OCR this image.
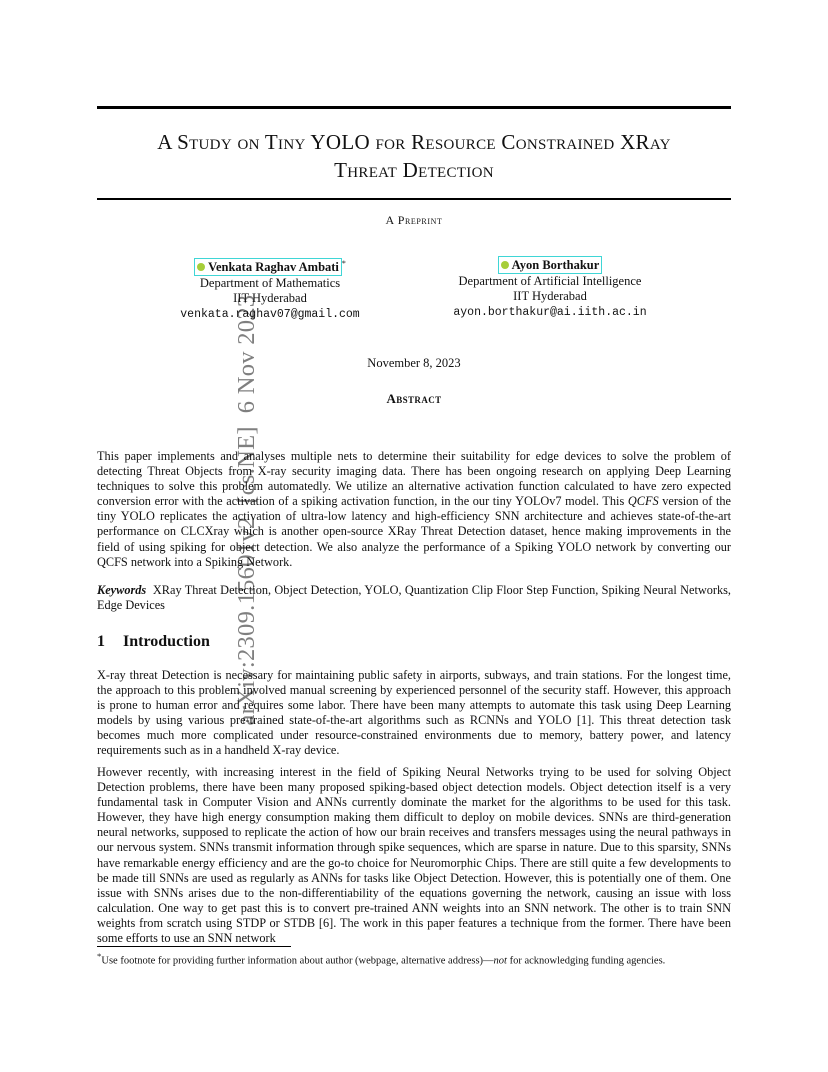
arXiv:2309.15601v2  [cs.NE]  6 Nov 2023
A Study on Tiny YOLO for Resource Constrained XRay
Threat Detection
A Preprint
Venkata Raghav Ambati *
Department of Mathematics
IIT Hyderabad
venkata.raghav07@gmail.com
Ayon Borthakur
Department of Artificial Intelligence
IIT Hyderabad
ayon.borthakur@ai.iith.ac.in
November 8, 2023
Abstract

This paper implements and analyses multiple nets to determine their suitability for edge devices to solve the problem of detecting Threat Objects from X-ray security imaging data. There has been ongoing research on applying Deep Learning techniques to solve this problem automatedly. We utilize an alternative activation function calculated to have zero expected conversion error with the activation of a spiking activation function, in the our tiny YOLOv7 model. This QCFS version of the tiny YOLO replicates the activation of ultra-low latency and high-efficiency SNN architecture and achieves state-of-the-art performance on CLCXray which is another open-source XRay Threat Detection dataset, hence making improvements in the field of using spiking for object detection. We also analyze the performance of a Spiking YOLO network by converting our QCFS network into a Spiking Network.

Keywords XRay Threat Detection, Object Detection, YOLO, Quantization Clip Floor Step Function, Spiking Neural Networks, Edge Devices

1 Introduction

X-ray threat Detection is necessary for maintaining public safety in airports, subways, and train stations. For the longest time, the approach to this problem involved manual screening by experienced personnel of the security staff. However, this approach is prone to human error and requires some labor. There have been many attempts to automate this task using Deep Learning models by using various pre-trained state-of-the-art algorithms such as RCNNs and YOLO [1]. This threat detection task becomes much more complicated under resource-constrained environments due to memory, battery power, and latency requirements such as in a handheld X-ray device.

However recently, with increasing interest in the field of Spiking Neural Networks trying to be used for solving Object Detection problems, there have been many proposed spiking-based object detection models. Object detection itself is a very fundamental task in Computer Vision and ANNs currently dominate the market for the algorithms to be used for this task. However, they have high energy consumption making them difficult to deploy on mobile devices. SNNs are third-generation neural networks, supposed to replicate the action of how our brain receives and transfers messages using the neural pathways in our nervous system. SNNs transmit information through spike sequences, which are sparse in nature. Due to this sparsity, SNNs have remarkable energy efficiency and are the go-to choice for Neuromorphic Chips. There are still quite a few developments to be made till SNNs are used as regularly as ANNs for tasks like Object Detection. However, this is potentially one of them. One issue with SNNs arises due to the non-differentiability of the equations governing the network, causing an issue with loss calculation. One way to get past this is to convert pre-trained ANN weights into an SNN network. The other is to train SNN weights from scratch using STDP or STDB [6]. The work in this paper features a technique from the former. There have been some efforts to use an SNN network

*Use footnote for providing further information about author (webpage, alternative address)—not for acknowledging funding agencies.
